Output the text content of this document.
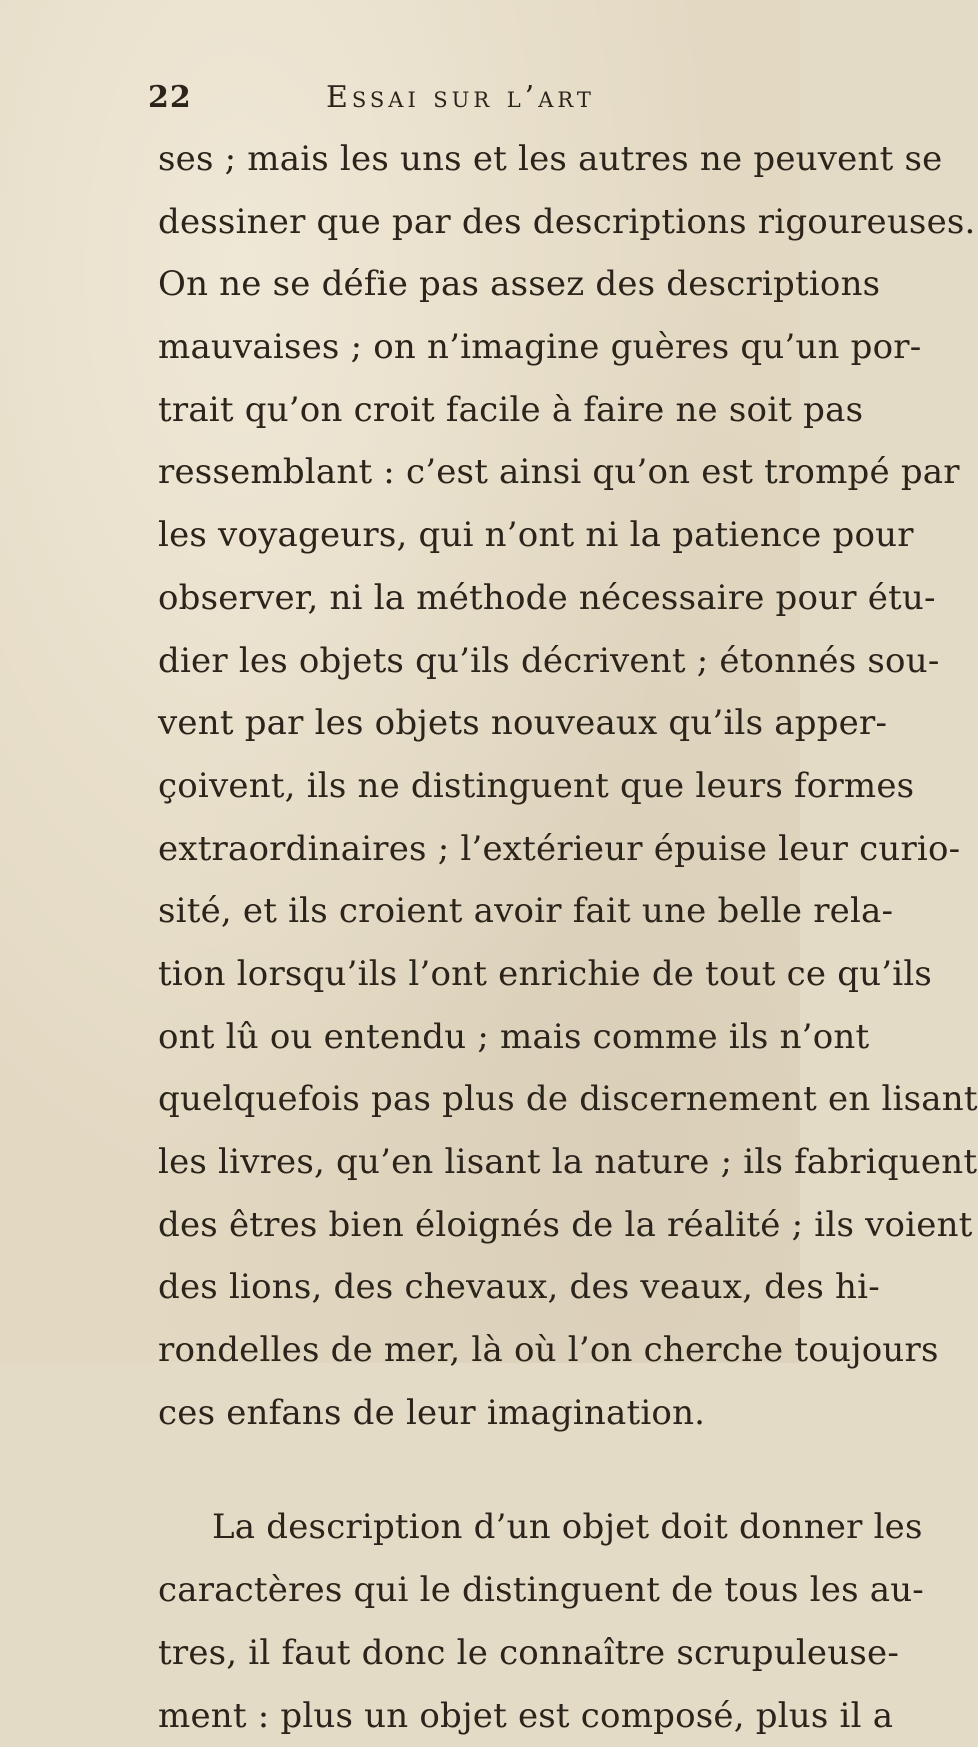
22	Essai sur l’art
ses ; mais les uns et les autres ne peuvent se
dessiner que par des descriptions rigoureuses.
On ne se défie pas assez des descriptions
mauvaises ; on n’imagine guères qu’un por-
trait qu’on croit facile à faire ne soit pas
ressemblant : c’est ainsi qu’on est trompé par
les voyageurs, qui n’ont ni la patience pour
observer, ni la méthode nécessaire pour étu-
dier les objets qu’ils décrivent ; étonnés sou-
vent par les objets nouveaux qu’ils apper-
çoivent, ils ne distinguent que leurs formes
extraordinaires ; l’extérieur épuise leur curio-
sité, et ils croient avoir fait une belle rela-
tion lorsqu’ils l’ont enrichie de tout ce qu’ils
ont lû ou entendu ; mais comme ils n’ont
quelquefois pas plus de discernement en lisant
les livres, qu’en lisant la nature ; ils fabriquent
des êtres bien éloignés de la réalité ; ils voient
des lions, des chevaux, des veaux, des hi-
rondelles de mer, là où l’on cherche toujours
ces enfans de leur imagination.
La description d’un objet doit donner les
caractères qui le distinguent de tous les au-
tres, il faut donc le connaître scrupuleuse-
ment : plus un objet est composé, plus il a
